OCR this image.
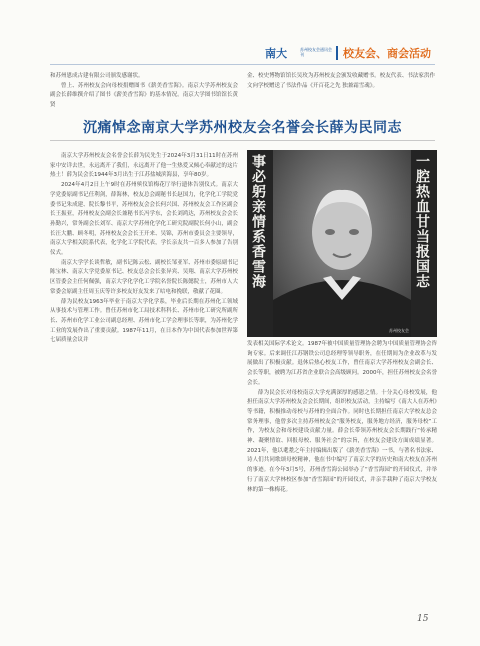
南大	苏州校友会通讯会刊	校友会、商会活动

和苏州恩成古建有限公司颁发感谢状。

曾上、苏州校友会向母校捐赠图书《薪美香雪海》。南京大学苏州校友会副会长薛维撰介绍了图书《薪美香雪海》的基本情况。南京大学图书馆馆长黄贤

金、校史博物馆馆长吴玫为苏州校友会颁发收藏赠书。校友代表、书法家洪作文向学校赠送了书法作品《开百花之先 独兼霜雪魂》。

沉痛悼念南京大学苏州校友会名誉会长薛为民同志

南京大学苏州校友会名誉会长薛为民先生于2024年3月31日11时在苏州家中安详去世，永远离开了我们，永远离开了他一生热爱又倾心奉献过的这片热土！薛为民会长1944年3月出生于江苏盐城滨海县，享年80岁。

2024年4月2日上午9时在苏州殡仪馆梅花厅举行遗体告别仪式。南京大学党委原副书记任利剑，薛海林，校友总会副秘书长赵国力，化学化工学院党委书记朱成建、院长黎书平，苏州校友会会长何兴国、苏州校友会工作区副会长王振亚，苏州校友会副会长兼秘书长冯学东，会长刘鸿达，苏州校友会会长孙勤兴，常务副会长刘军、南京大学苏州化学化工研究院副院长何小山，副会长汪大鹏、顾冬明，苏州校友会会长王开来、吴锦，苏州市委员会主要领导，南京大学相关院系代表，化学化工学院代表，学长亲友共一百多人参加了告别仪式。

南京大学学长谈哲敏，副书记陈云松、副校长邹亚军、苏州市委原副书记陈宝林、南京大学党委原书记、校友总会会长张异宾、吴翔、南京大学苏州校区管委会主任何佩强，南京大学化学化工学院名誉院长陈懿院士，苏州市人大常委会原副主任周玉庆等许多校友好友发来了唁电和挽联，敬献了花圈。

薛为民校友1963年毕业于南京大学化学系，毕业后长期在苏州化工领域从事技术与管理工作。曾任苏州市化工局技术科科长、苏州市化工研究所副所长、苏州市化学工业公司副总经理、苏州市化工学会理事长等职，为苏州化学工业的发展作出了重要贡献。1987年11月，在日本作为中国代表参加世界第七届质量会议并

事必躬亲情系香雪海	一腔热血甘当报国志
苏州校友会

发表相关国际学术论文。1987年被中国质量管理协会聘为中国质量管理协会咨询专家。后来调任江苏钢铁公司总经理等领导职务，在任期间为企业改革与发展做出了积极贡献。退休后热心校友工作，曾任南京大学苏州校友会副会长、会长等职，被聘为江苏省企业联合会高级顾问。2000年，担任苏州校友会名誉会长。

薛为民会长对母校南京大学充满深厚的感恩之情。十分关心母校发展，他担任南京大学苏州校友会会长期间，组织校友活动，主持编写《南大人在苏州》等书籍，积极推动母校与苏州的全面合作。同时也长期担任南京大学校友总会常务理事，他曾多次主持苏州校友会“服务校友，服务地方经济，服务母校”工作，为校友会和母校建设贡献力量。薛会长带领苏州校友会长期践行“传承精神、凝聚情谊、回报母校、服务社会”的宗旨，在校友会建设方面成绩显著。2021年，他以耄耋之年主持编辑出版了《薪美香雪海》一书，与著名书法家、诗人们共同歌颂母校精神，他在书中编写了南京大学的历史和南大校友在苏州的事迹。在今年3月5号，苏州香雪海公园举办了“香雪海园”的开园仪式，并举行了南京大学林校区参加“香雪海园”的开园仪式，并亲手栽种了南京大学校友林的第一株梅花。

15
